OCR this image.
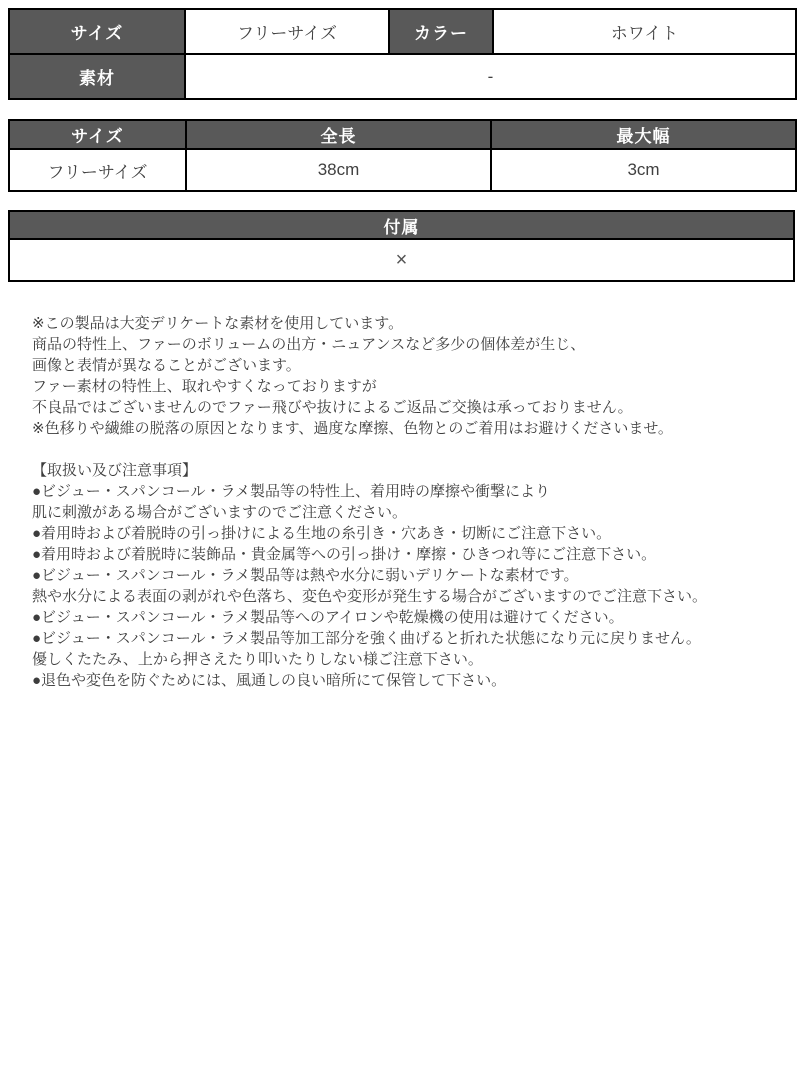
サイズ	フリーサイズ	カラー	ホワイト
素材	-		
サイズ	全長	最大幅
フリーサイズ	38cm	3cm
付属
×
※この製品は大変デリケートな素材を使用しています。
商品の特性上、ファーのボリュームの出方・ニュアンスなど多少の個体差が生じ、
画像と表情が異なることがございます。
ファー素材の特性上、取れやすくなっておりますが
不良品ではございませんのでファー飛びや抜けによるご返品ご交換は承っておりません。
※色移りや繊維の脱落の原因となります、過度な摩擦、色物とのご着用はお避けくださいませ。
【取扱い及び注意事項】
●ビジュー・スパンコール・ラメ製品等の特性上、着用時の摩擦や衝撃により
肌に刺激がある場合がございますのでご注意ください。
●着用時および着脱時の引っ掛けによる生地の糸引き・穴あき・切断にご注意下さい。
●着用時および着脱時に装飾品・貴金属等への引っ掛け・摩擦・ひきつれ等にご注意下さい。
●ビジュー・スパンコール・ラメ製品等は熱や水分に弱いデリケートな素材です。
熱や水分による表面の剥がれや色落ち、変色や変形が発生する場合がございますのでご注意下さい。
●ビジュー・スパンコール・ラメ製品等へのアイロンや乾燥機の使用は避けてください。
●ビジュー・スパンコール・ラメ製品等加工部分を強く曲げると折れた状態になり元に戻りません。
優しくたたみ、上から押さえたり叩いたりしない様ご注意下さい。
●退色や変色を防ぐためには、風通しの良い暗所にて保管して下さい。
